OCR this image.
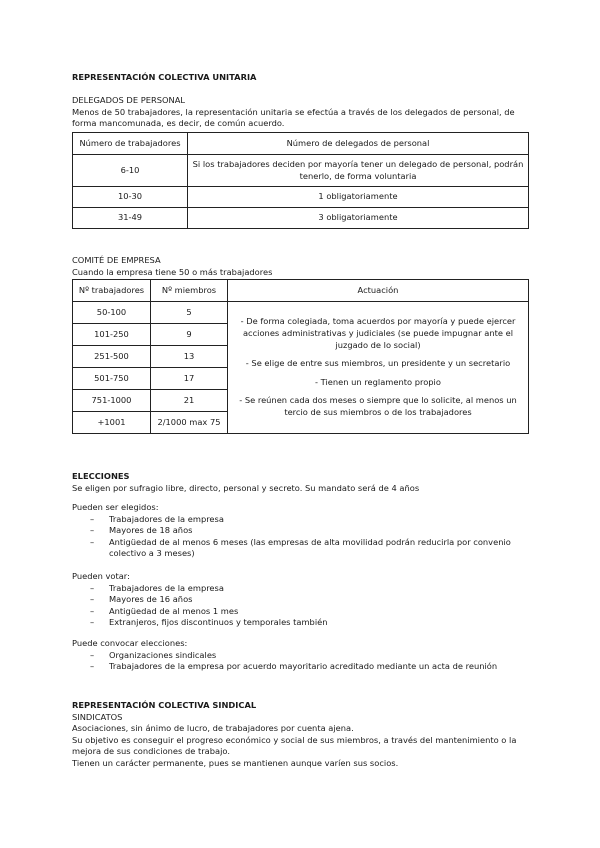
REPRESENTACIÓN COLECTIVA UNITARIA

DELEGADOS DE PERSONAL

Menos de 50 trabajadores, la representación unitaria se efectúa a través de los delegados de personal, de forma mancomunada, es decir, de común acuerdo.

Número de trabajadores	Número de delegados de personal
6-10	Si los trabajadores deciden por mayoría tener un delegado de personal, podrán tenerlo, de forma voluntaria
10-30	1 obligatoriamente
31-49	3 obligatoriamente

COMITÉ DE EMPRESA

Cuando la empresa tiene 50 o más trabajadores

Nº trabajadores	Nº miembros	Actuación
50-100	5	- De forma colegiada, toma acuerdos por mayoría y puede ejercer acciones administrativas y judiciales (se puede impugnar ante el juzgado de lo social)

- Se elige de entre sus miembros, un presidente y un secretario

- Tienen un reglamento propio

- Se reúnen cada dos meses o siempre que lo solicite, al menos un tercio de sus miembros o de los trabajadores

101-250	9	
251-500	13	
501-750	17	
751-1000	21	
+1001	2/1000 max 75	

ELECCIONES

Se eligen por sufragio libre, directo, personal y secreto. Su mandato será de 4 años

Pueden ser elegidos:

– Trabajadores de la empresa
– Mayores de 18 años
– Antigüedad de al menos 6 meses (las empresas de alta movilidad podrán reducirla por convenio colectivo a 3 meses)

Pueden votar:

– Trabajadores de la empresa
– Mayores de 16 años
– Antigüedad de al menos 1 mes
– Extranjeros, fijos discontinuos y temporales también

Puede convocar elecciones:

– Organizaciones sindicales
– Trabajadores de la empresa por acuerdo mayoritario acreditado mediante un acta de reunión

REPRESENTACIÓN COLECTIVA SINDICAL

SINDICATOS

Asociaciones, sin ánimo de lucro, de trabajadores por cuenta ajena.

Su objetivo es conseguir el progreso económico y social de sus miembros, a través del mantenimiento o la mejora de sus condiciones de trabajo.

Tienen un carácter permanente, pues se mantienen aunque varíen sus socios.
